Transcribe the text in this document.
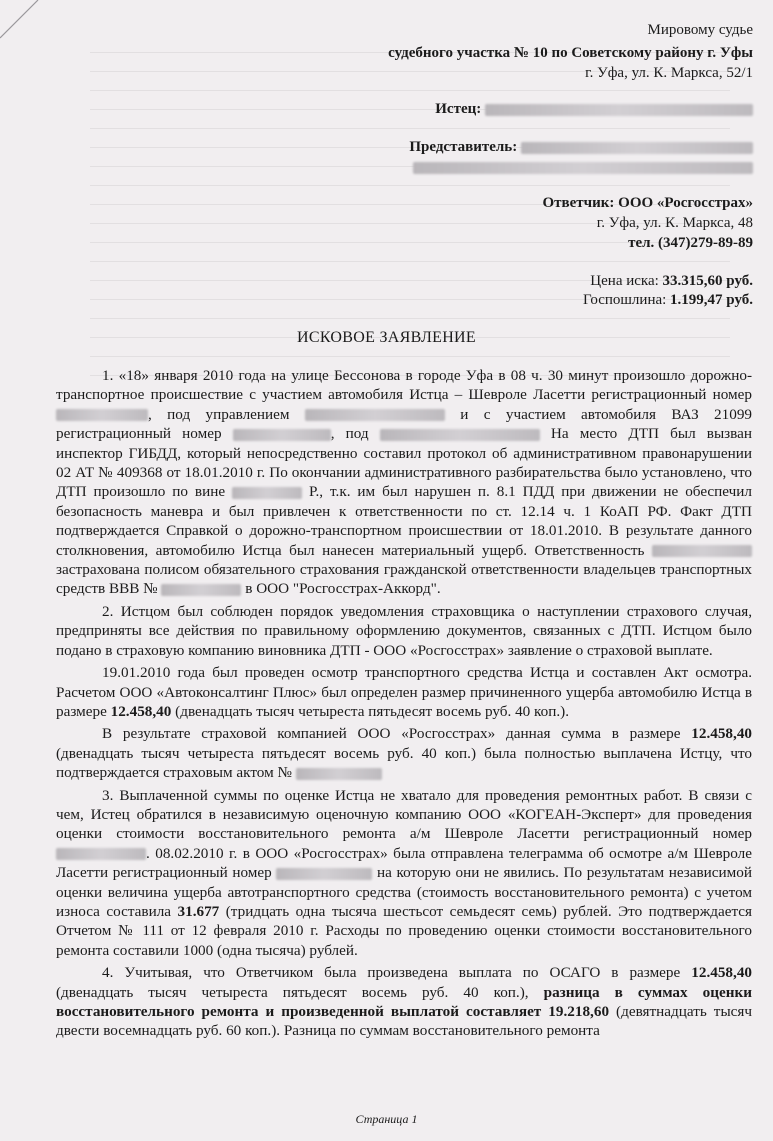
Мировому судье
судебного участка № 10 по Советскому району г. Уфы
г. Уфа, ул. К. Маркса, 52/1
Истец:
Представитель:
Ответчик: ООО «Росгосстрах»
г. Уфа, ул. К. Маркса, 48
тел. (347)279-89-89
Цена иска: 33.315,60 руб.
Госпошлина: 1.199,47 руб.
ИСКОВОЕ ЗАЯВЛЕНИЕ

1. «18» января 2010 года на улице Бессонова в городе Уфа в 08 ч. 30 минут произошло дорожно-транспортное происшествие с участием автомобиля Истца – Шевроле Ласетти регистрационный номер , под управлением	и с участием автомобиля ВАЗ 21099 регистрационный номер	, под	На место ДТП был вызван инспектор ГИБДД, который непосредственно составил протокол об административном правонарушении 02 АТ № 409368 от 18.01.2010 г. По окончании административного разбирательства было установлено, что ДТП произошло по вине	Р., т.к. им был нарушен п. 8.1 ПДД при движении не обеспечил безопасность маневра и был привлечен к ответственности по ст. 12.14 ч. 1 КоАП РФ. Факт ДТП подтверждается Справкой о дорожно-транспортном происшествии от 18.01.2010. В результате данного столкновения, автомобилю Истца был нанесен материальный ущерб. Ответственность  застрахована полисом обязательного страхования гражданской ответственности владельцев транспортных средств ВВВ №	в ООО "Росгосстрах-Аккорд".

2. Истцом был соблюден порядок уведомления страховщика о наступлении страхового случая, предприняты все действия по правильному оформлению документов, связанных с ДТП. Истцом было подано в страховую компанию виновника ДТП - ООО «Росгосстрах» заявление о страховой выплате.

19.01.2010 года был проведен осмотр транспортного средства Истца и составлен Акт осмотра. Расчетом ООО «Автоконсалтинг Плюс» был определен размер причиненного ущерба автомобилю Истца в размере 12.458,40 (двенадцать тысяч четыреста пятьдесят восемь руб. 40 коп.).

В результате страховой компанией ООО «Росгосстрах» данная сумма в размере 12.458,40 (двенадцать тысяч четыреста пятьдесят восемь руб. 40 коп.) была полностью выплачена Истцу, что подтверждается страховым актом №

3. Выплаченной суммы по оценке Истца не хватало для проведения ремонтных работ. В связи с чем, Истец обратился в независимую оценочную компанию ООО «КОГЕАН-Эксперт» для проведения оценки стоимости восстановительного ремонта а/м Шевроле Ласетти регистрационный номер . 08.02.2010 г. в ООО «Росгосстрах» была отправлена телеграмма об осмотре а/м Шевроле Ласетти регистрационный номер	на которую они не явились. По результатам независимой оценки величина ущерба автотранспортного средства (стоимость восстановительного ремонта) с учетом износа составила 31.677 (тридцать одна тысяча шестьсот семьдесят семь) рублей. Это подтверждается Отчетом № 111 от 12 февраля 2010 г. Расходы по проведению оценки стоимости восстановительного ремонта составили 1000 (одна тысяча) рублей.

4. Учитывая, что Ответчиком была произведена выплата по ОСАГО в размере 12.458,40 (двенадцать тысяч четыреста пятьдесят восемь руб. 40 коп.), разница в суммах оценки восстановительного ремонта и произведенной выплатой составляет 19.218,60 (девятнадцать тысяч двести восемнадцать руб. 60 коп.). Разница по суммам восстановительного ремонта

Страница 1
